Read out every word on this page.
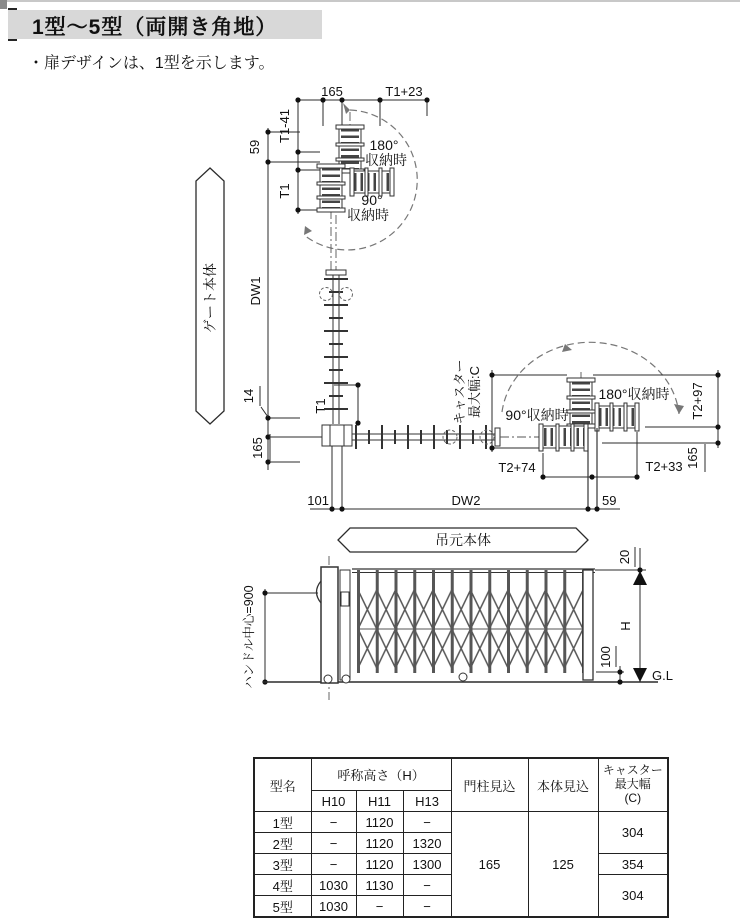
1型〜5型（両開き角地）
・扉デザインは、1型を示します。
165	T1+23
T1-41
59
T1
DW1
14
T1
165
ゲート本体
180°
収納時
90°
収納時
キャスター 最大幅:C 90°収納時
180°収納時 T2+97
165
T2+74	T2+33
101	DW2	59
吊元本体
ハンドル中心=900
20
H
100
G.L
型名	呼称高さ（H）			門柱見込	本体見込	キャスター
最大幅
(C)
	H10	H11	H13			
1型	−	1120	−	165	125	304
2型	−	1120	1320			
3型	−	1120	1300			354
4型	1030	1130	−			304
5型	1030	−	−			
